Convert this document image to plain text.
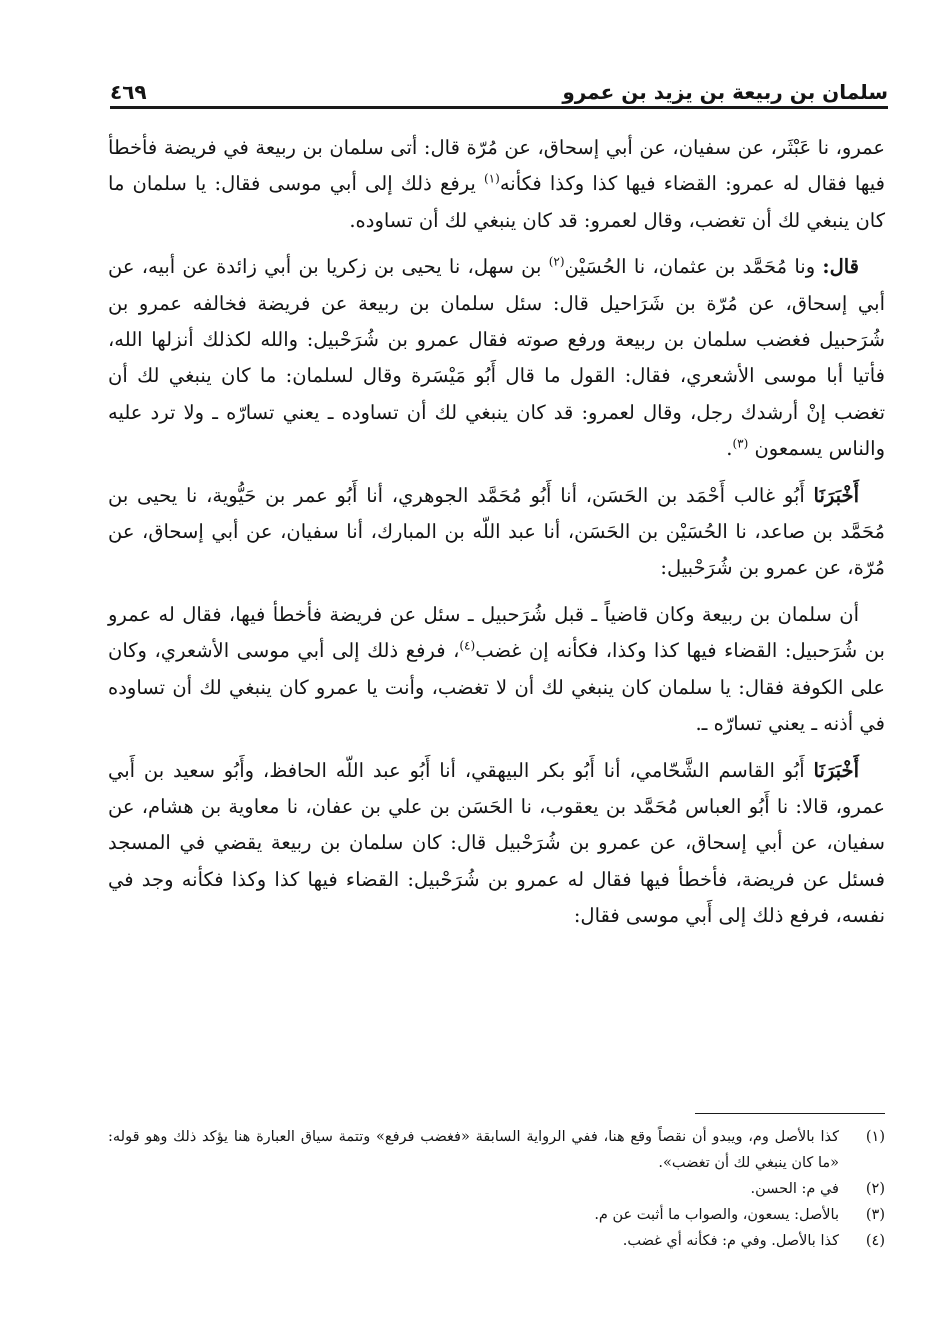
سلمان بن ربيعة بن يزيد بن عمرو
٤٦٩

عمرو، نا عَبْثَر، عن سفيان، عن أبي إسحاق، عن مُرّة قال: أتى سلمان بن ربيعة في فريضة فأخطأ فيها فقال له عمرو: القضاء فيها كذا وكذا فكأنه$^{(١)}$ يرفع ذلك إلى أبي موسى فقال: يا سلمان ما كان ينبغي لك أن تغضب، وقال لعمرو: قد كان ينبغي لك أن تساوده.

قال: ونا مُحَمَّد بن عثمان، نا الحُسَيْن$^{(٢)}$ بن سهل، نا يحيى بن زكريا بن أبي زائدة عن أبيه، عن أبي إسحاق، عن مُرّة بن شَرَاحيل قال: سئل سلمان بن ربيعة عن فريضة فخالفه عمرو بن شُرَحبيل فغضب سلمان بن ربيعة ورفع صوته فقال عمرو بن شُرَحْبيل: والله لكذلك أنزلها الله، فأتيا أبا موسى الأشعري، فقال: القول ما قال أَبُو مَيْسَرة وقال لسلمان: ما كان ينبغي لك أن تغضب إنْ أرشدك رجل، وقال لعمرو: قد كان ينبغي لك أن تساوده ـ يعني تسارّه ـ ولا ترد عليه والناس يسمعون $^{(٣)}$.

أَخْبَرَنَا أَبُو غالب أَحْمَد بن الحَسَن، أنا أَبُو مُحَمَّد الجوهري، أنا أَبُو عمر بن حَيُّوية، نا يحيى بن مُحَمَّد بن صاعد، نا الحُسَيْن بن الحَسَن، أنا عبد اللّه بن المبارك، أنا سفيان، عن أبي إسحاق، عن مُرّة، عن عمرو بن شُرَحْبيل:

أن سلمان بن ربيعة وكان قاضياً ـ قبل شُرَحبيل ـ سئل عن فريضة فأخطأ فيها، فقال له عمرو بن شُرَحبيل: القضاء فيها كذا وكذا، فكأنه إن غضب$^{(٤)}$، فرفع ذلك إلى أبي موسى الأشعري، وكان على الكوفة فقال: يا سلمان كان ينبغي لك أن لا تغضب، وأنت يا عمرو كان ينبغي لك أن تساوده في أذنه ـ يعني تسارّه ـ.

أَخْبَرَنَا أَبُو القاسم الشَّحّامي، أنا أَبُو بكر البيهقي، أنا أَبُو عبد اللّه الحافظ، وأَبُو سعيد بن أَبي عمرو، قالا: نا أَبُو العباس مُحَمَّد بن يعقوب، نا الحَسَن بن علي بن عفان، نا معاوية بن هشام، عن سفيان، عن أبي إسحاق، عن عمرو بن شُرَحْبيل قال: كان سلمان بن ربيعة يقضي في المسجد فسئل عن فريضة، فأخطأ فيها فقال له عمرو بن شُرَحْبيل: القضاء فيها كذا وكذا فكأنه وجد في نفسه، فرفع ذلك إلى أَبي موسى فقال:

(١)
كذا بالأصل وم، ويبدو أن نقصاً وقع هنا، ففي الرواية السابقة «فغضب فرفع» وتتمة سياق العبارة هنا يؤكد ذلك وهو قوله: «ما كان ينبغي لك أن تغضب».
(٢)
في م: الحسن.
(٣)
بالأصل: يسعون، والصواب ما أثبت عن م.
(٤)
كذا بالأصل. وفي م: فكأنه أي غضب.
